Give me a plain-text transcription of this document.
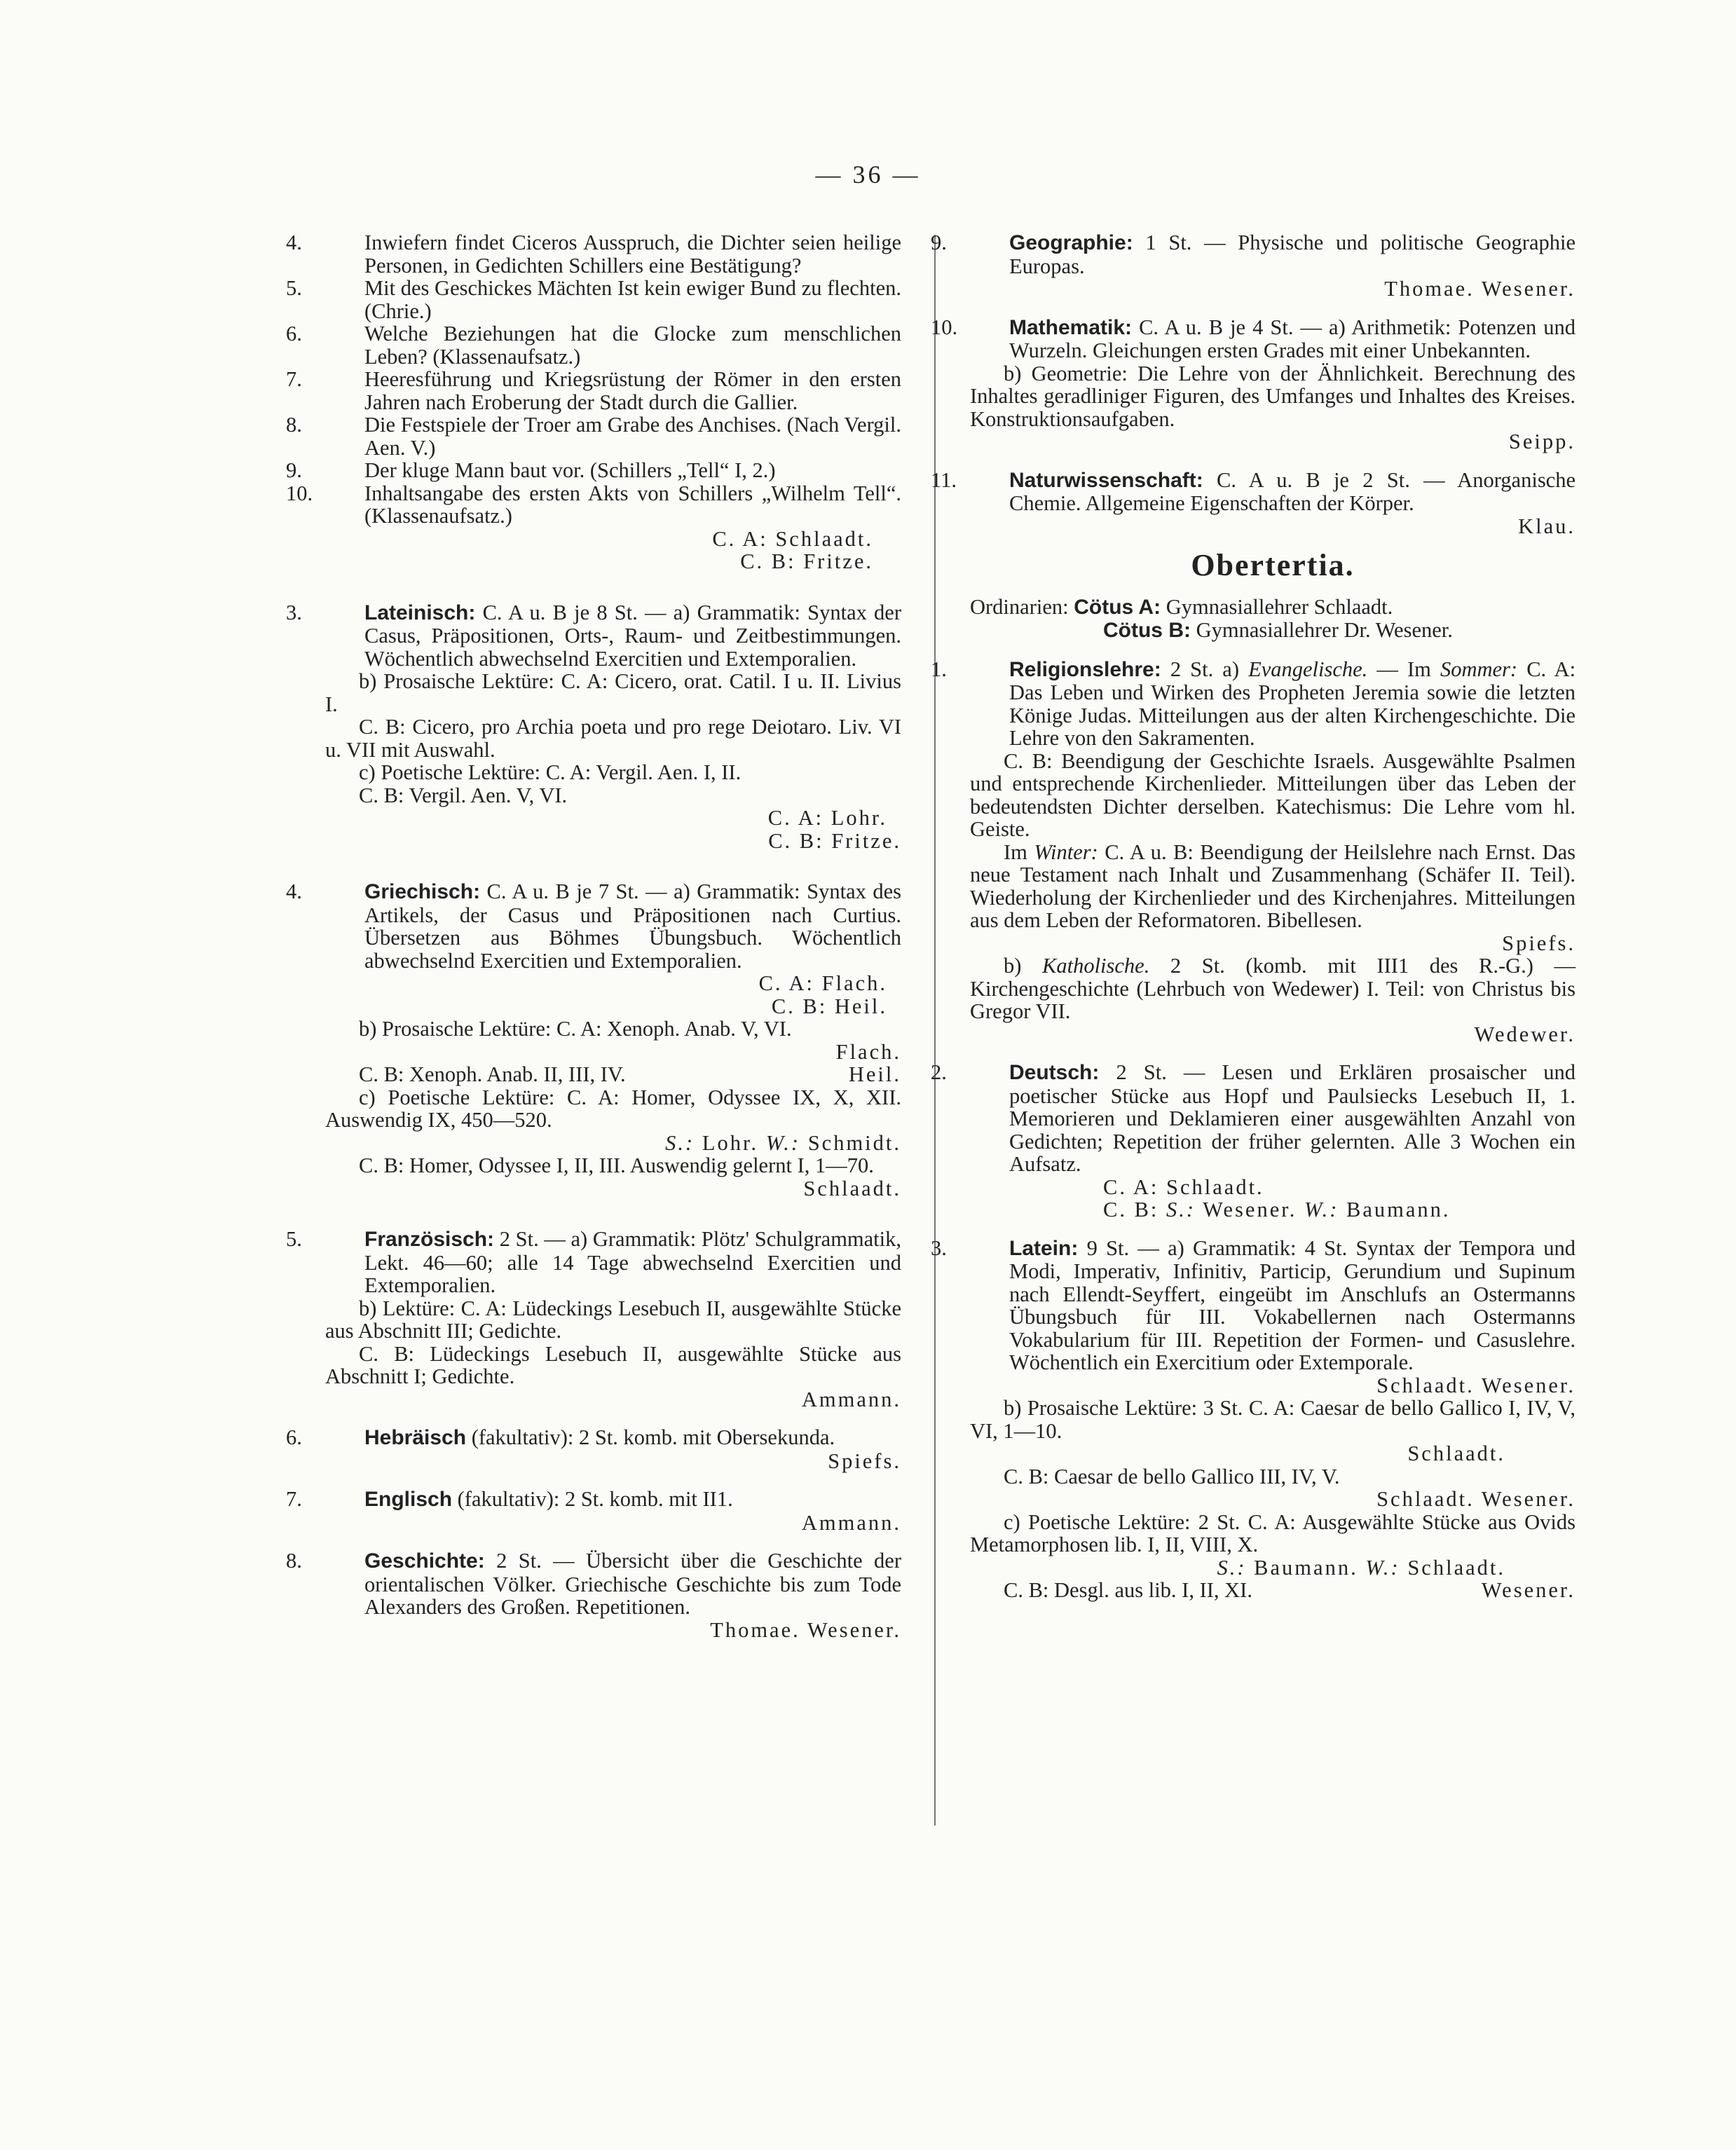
— 36 —

4.	Inwiefern findet Ciceros Ausspruch, die Dichter seien heilige Personen, in Gedichten Schillers eine Bestätigung?

5.	Mit des Geschickes Mächten Ist kein ewiger Bund zu flechten. (Chrie.)

6.	Welche Beziehungen hat die Glocke zum menschlichen Leben? (Klassenaufsatz.)

7.	Heeresführung und Kriegsrüstung der Römer in den ersten Jahren nach Eroberung der Stadt durch die Gallier.

8.	Die Festspiele der Troer am Grabe des Anchises. (Nach Vergil. Aen. V.)

9.	Der kluge Mann baut vor. (Schillers „Tell“ I, 2.)

10. Inhaltsangabe des ersten Akts von Schillers „Wilhelm Tell“. (Klassenaufsatz.)

C. A: Schlaadt.

C. B: Fritze.

3.	Lateinisch: C. A u. B je 8 St. — a) Grammatik: Syntax der Casus, Präpositionen, Orts-, Raum- und Zeitbestimmungen. Wöchentlich abwechselnd Exercitien und Extemporalien.

b) Prosaische Lektüre: C. A: Cicero, orat. Catil. I u. II. Livius I.

C. B: Cicero, pro Archia poeta und pro rege Deiotaro. Liv. VI u. VII mit Auswahl.

c) Poetische Lektüre: C. A: Vergil. Aen. I, II.

C. B: Vergil. Aen. V, VI.

C. A: Lohr.

C. B: Fritze.

4.	Griechisch: C. A u. B je 7 St. — a) Grammatik: Syntax des Artikels, der Casus und Präpositionen nach Curtius. Übersetzen aus Böhmes Übungsbuch. Wöchentlich abwechselnd Exercitien und Extemporalien.

C. A: Flach.

C. B: Heil.

b) Prosaische Lektüre: C. A: Xenoph. Anab. V, VI.

Flach.

C. B: Xenoph. Anab. II, III, IV.	Heil.

c) Poetische Lektüre: C. A: Homer, Odyssee IX, X, XII. Auswendig IX, 450—520.

S.: Lohr. W.: Schmidt.

C. B: Homer, Odyssee I, II, III. Auswendig gelernt I, 1—70.

Schlaadt.

5.	Französisch: 2 St. — a) Grammatik: Plötz' Schulgrammatik, Lekt. 46—60; alle 14 Tage abwechselnd Exercitien und Extemporalien.

b) Lektüre: C. A: Lüdeckings Lesebuch II, ausgewählte Stücke aus Abschnitt III; Gedichte.

C. B: Lüdeckings Lesebuch II, ausgewählte Stücke aus Abschnitt I; Gedichte.

Ammann.

6.	Hebräisch (fakultativ): 2 St. komb. mit Obersekunda.

Spiefs.

7.	Englisch (fakultativ): 2 St. komb. mit II1.

Ammann.

8.	Geschichte: 2 St. — Übersicht über die Geschichte der orientalischen Völker. Griechische Geschichte bis zum Tode Alexanders des Großen. Repetitionen.

Thomae. Wesener.

9.	Geographie: 1 St. — Physische und politische Geographie Europas.

Thomae. Wesener.

10. Mathematik: C. A u. B je 4 St. — a) Arithmetik: Potenzen und Wurzeln. Gleichungen ersten Grades mit einer Unbekannten.

b) Geometrie: Die Lehre von der Ähnlichkeit. Berechnung des Inhaltes geradliniger Figuren, des Umfanges und Inhaltes des Kreises. Konstruktionsaufgaben.

Seipp.

11.	Naturwissenschaft: C. A u. B je 2 St. — Anorganische Chemie. Allgemeine Eigenschaften der Körper.

Klau.

Obertertia.

Ordinarien: Cötus A: Gymnasiallehrer Schlaadt.

Cötus B: Gymnasiallehrer Dr. Wesener.

1.	Religionslehre: 2 St. a) Evangelische. — Im Sommer: C. A: Das Leben und Wirken des Propheten Jeremia sowie die letzten Könige Judas. Mitteilungen aus der alten Kirchengeschichte. Die Lehre von den Sakramenten.

C. B: Beendigung der Geschichte Israels. Ausgewählte Psalmen und entsprechende Kirchenlieder. Mitteilungen über das Leben der bedeutendsten Dichter derselben. Katechismus: Die Lehre vom hl. Geiste.

Im Winter: C. A u. B: Beendigung der Heilslehre nach Ernst. Das neue Testament nach Inhalt und Zusammenhang (Schäfer II. Teil). Wiederholung der Kirchenlieder und des Kirchenjahres. Mitteilungen aus dem Leben der Reformatoren. Bibellesen.

Spiefs.

b) Katholische. 2 St. (komb. mit III1 des R.-G.) — Kirchengeschichte (Lehrbuch von Wedewer) I. Teil: von Christus bis Gregor VII.

Wedewer.

2.	Deutsch: 2 St. — Lesen und Erklären prosaischer und poetischer Stücke aus Hopf und Paulsiecks Lesebuch II, 1. Memorieren und Deklamieren einer ausgewählten Anzahl von Gedichten; Repetition der früher gelernten. Alle 3 Wochen ein Aufsatz.

C. A: Schlaadt.

C. B: S.: Wesener. W.: Baumann.

3.	Latein: 9 St. — a) Grammatik: 4 St. Syntax der Tempora und Modi, Imperativ, Infinitiv, Particip, Gerundium und Supinum nach Ellendt-Seyffert, eingeübt im Anschlufs an Ostermanns Übungsbuch für III. Vokabellernen nach Ostermanns Vokabularium für III. Repetition der Formen- und Casuslehre. Wöchentlich ein Exercitium oder Extemporale.

Schlaadt. Wesener.

b) Prosaische Lektüre: 3 St. C. A: Caesar de bello Gallico I, IV, V, VI, 1—10.

Schlaadt.

C. B: Caesar de bello Gallico III, IV, V.

Schlaadt. Wesener.

c) Poetische Lektüre: 2 St. C. A: Ausgewählte Stücke aus Ovids Metamorphosen lib. I, II, VIII, X.

S.: Baumann. W.: Schlaadt.

C. B: Desgl. aus lib. I, II, XI.	Wesener.
